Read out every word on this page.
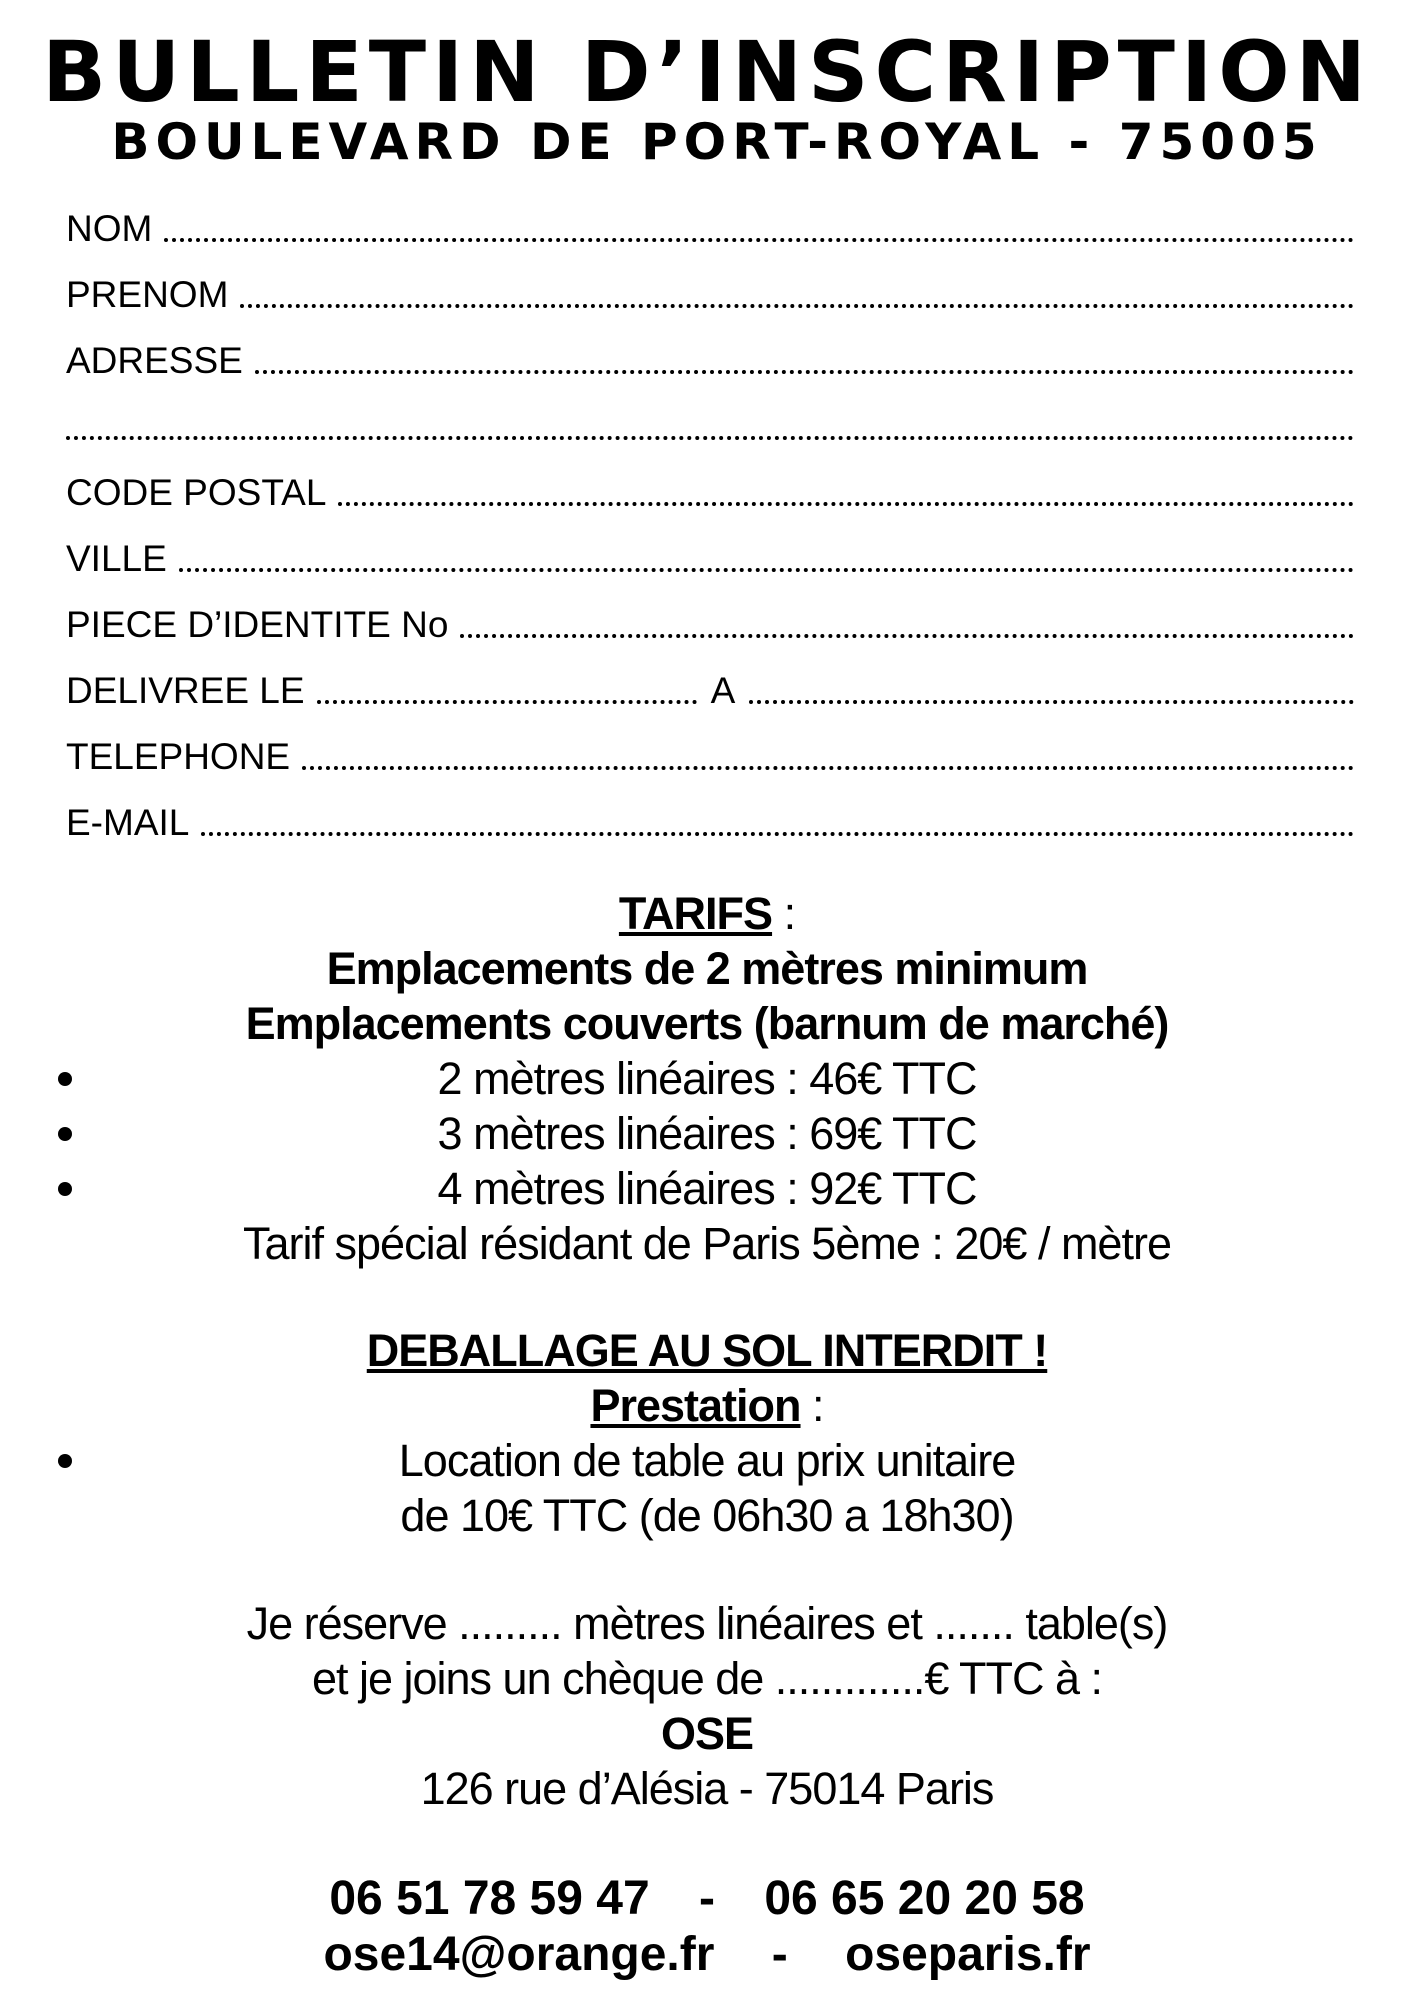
BULLETIN D’INSCRIPTION
BOULEVARD DE PORT-ROYAL - 75005
NOM
PRENOM
ADRESSE
CODE POSTAL
VILLE
PIECE D’IDENTITE No
DELIVREE LE	A
TELEPHONE
E-MAIL
TARIFS :
Emplacements de 2 mètres minimum
Emplacements couverts (barnum de marché)
2 mètres linéaires : 46€ TTC
3 mètres linéaires : 69€ TTC
4 mètres linéaires : 92€ TTC
Tarif spécial résidant de Paris 5ème : 20€ / mètre
DEBALLAGE AU SOL INTERDIT !
Prestation :
Location de table au prix unitaire
de 10€ TTC (de 06h30 a 18h30)
Je réserve ......... mètres linéaires et ....... table(s)
et je joins un chèque de .............€ TTC à :
OSE
126 rue d’Alésia - 75014 Paris
06 51 78 59 47 - 06 65 20 20 58
ose14@orange.fr - oseparis.fr
